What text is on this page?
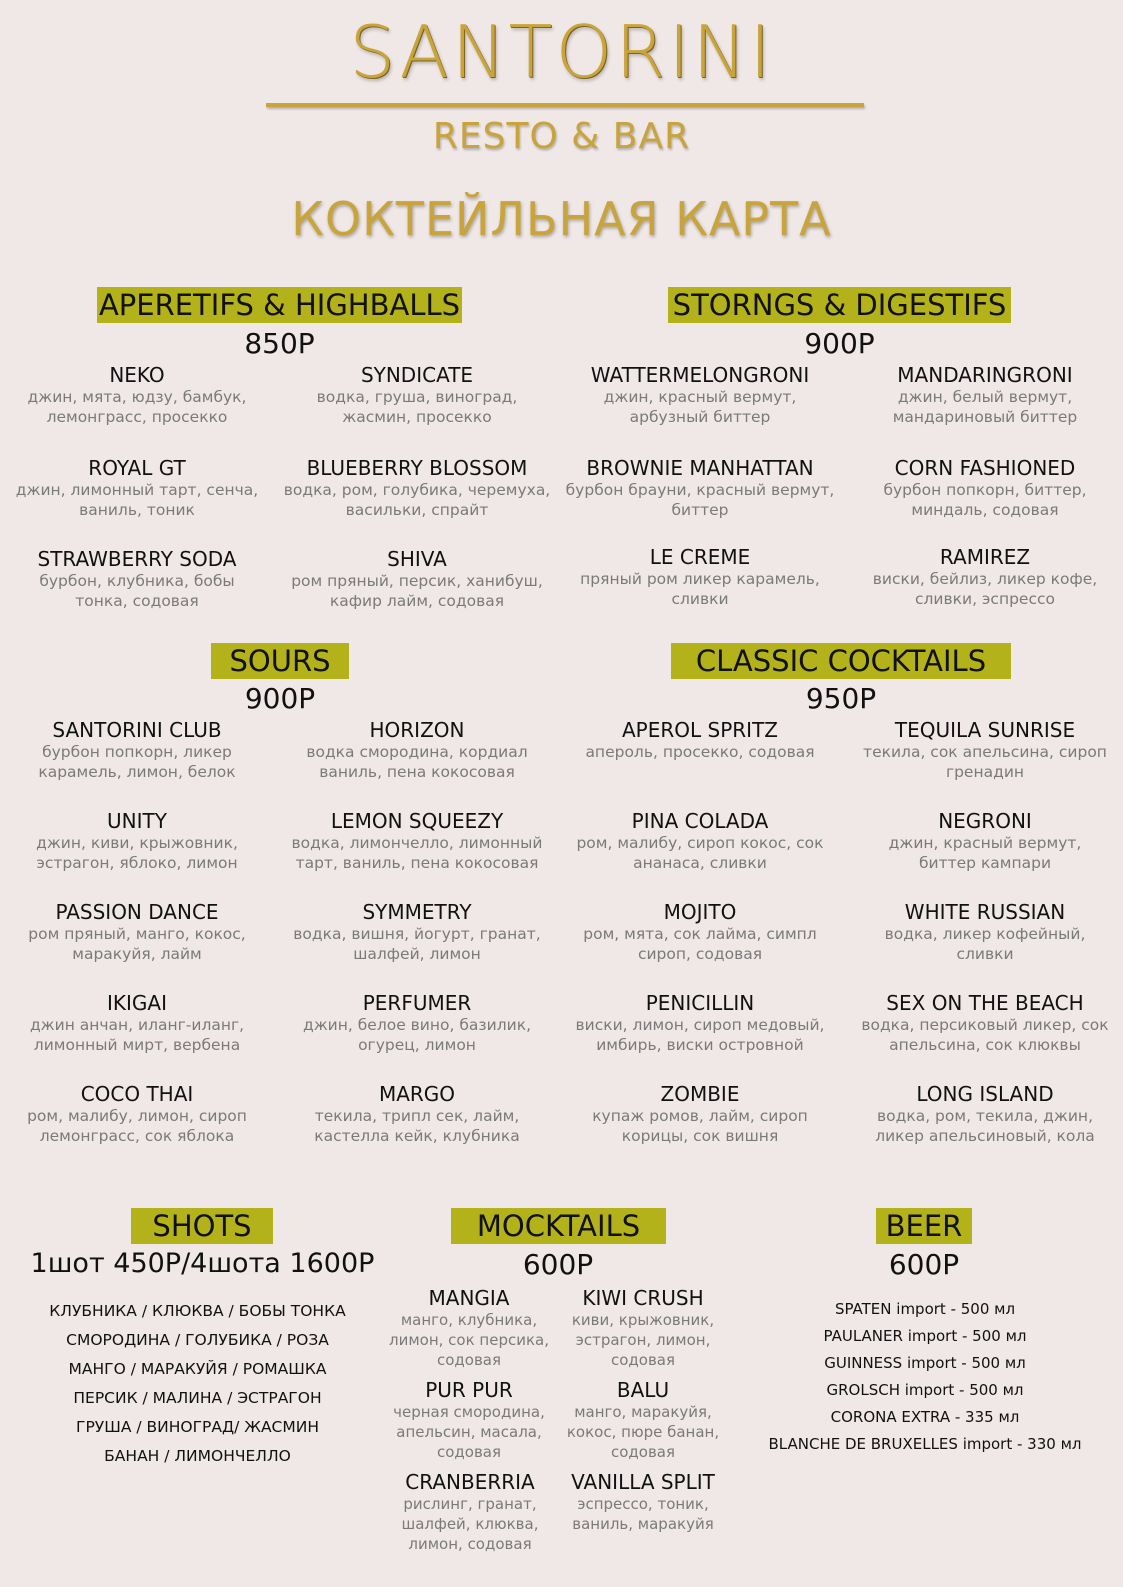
SANTORINI
RESTO & BAR
КОКТЕЙЛЬНАЯ КАРТА
APERETIFS & HIGHBALLS
850Р
NEKO
джин, мята, юдзу, бамбук, лемонграсс, просекко
SYNDICATE
водка, груша, виноград, жасмин, просекко
ROYAL GT
джин, лимонный тарт, сенча, ваниль, тоник
BLUEBERRY BLOSSOM
водка, ром, голубика, черемуха, васильки, спрайт
STRAWBERRY SODA
бурбон, клубника, бобы тонка, содовая
SHIVA
ром пряный, персик, ханибуш, кафир лайм, содовая
STORNGS & DIGESTIFS
900Р
WATTERMELONGRONI
джин, красный вермут, арбузный биттер
MANDARINGRONI
джин, белый вермут, мандариновый биттер
BROWNIE MANHATTAN
бурбон брауни, красный вермут, биттер
CORN FASHIONED
бурбон попкорн, биттер, миндаль, содовая
LE CREME
пряный ром ликер карамель, сливки
RAMIREZ
виски, бейлиз, ликер кофе, сливки, эспрессо
SOURS
900Р
SANTORINI CLUB
бурбон попкорн, ликер карамель, лимон, белок
HORIZON
водка смородина, кордиал ваниль, пена кокосовая
UNITY
джин, киви, крыжовник, эстрагон, яблоко, лимон
LEMON SQUEEZY
водка, лимончелло, лимонный тарт, ваниль, пена кокосовая
PASSION DANCE
ром пряный, манго, кокос, маракуйя, лайм
SYMMETRY
водка, вишня, йогурт, гранат, шалфей, лимон
IKIGAI
джин анчан, иланг-иланг, лимонный мирт, вербена
PERFUMER
джин, белое вино, базилик, огурец, лимон
COCO THAI
ром, малибу, лимон, сироп лемонграсс, сок яблока
MARGO
текила, трипл сек, лайм, кастелла кейк, клубника
CLASSIC COCKTAILS
950Р
APEROL SPRITZ
апероль, просекко, содовая
TEQUILA SUNRISE
текила, сок апельсина, сироп гренадин
PINA COLADA
ром, малибу, сироп кокос, сок ананаса, сливки
NEGRONI
джин, красный вермут, биттер кампари
MOJITO
ром, мята, сок лайма, симпл сироп, содовая
WHITE RUSSIAN
водка, ликер кофейный, сливки
PENICILLIN
виски, лимон, сироп медовый, имбирь, виски островной
SEX ON THE BEACH
водка, персиковый ликер, сок апельсина, сок клюквы
ZOMBIE
купаж ромов, лайм, сироп корицы, сок вишня
LONG ISLAND
водка, ром, текила, джин, ликер апельсиновый, кола
SHOTS
1шот 450Р/4шота 1600Р
КЛУБНИКА / КЛЮКВА / БОБЫ ТОНКА
СМОРОДИНА / ГОЛУБИКА / РОЗА
МАНГО / МАРАКУЙЯ / РОМАШКА
ПЕРСИК / МАЛИНА / ЭСТРАГОН
ГРУША / ВИНОГРАД/ ЖАСМИН
БАНАН / ЛИМОНЧЕЛЛО
MOCKTAILS
600Р
MANGIA
манго, клубника, лимон, сок персика, содовая
KIWI CRUSH
киви, крыжовник, эстрагон, лимон, содовая
PUR PUR
черная смородина, апельсин, масала, содовая
BALU
манго, маракуйя, кокос, пюре банан, содовая
CRANBERRIA
рислинг, гранат, шалфей, клюква, лимон, содовая
VANILLA SPLIT
эспрессо, тоник, ваниль, маракуйя
BEER
600Р
SPATEN import - 500 мл
PAULANER import - 500 мл
GUINNESS import - 500 мл
GROLSCH import - 500 мл
CORONA EXTRA - 335 мл
BLANCHE DE BRUXELLES import - 330 мл
